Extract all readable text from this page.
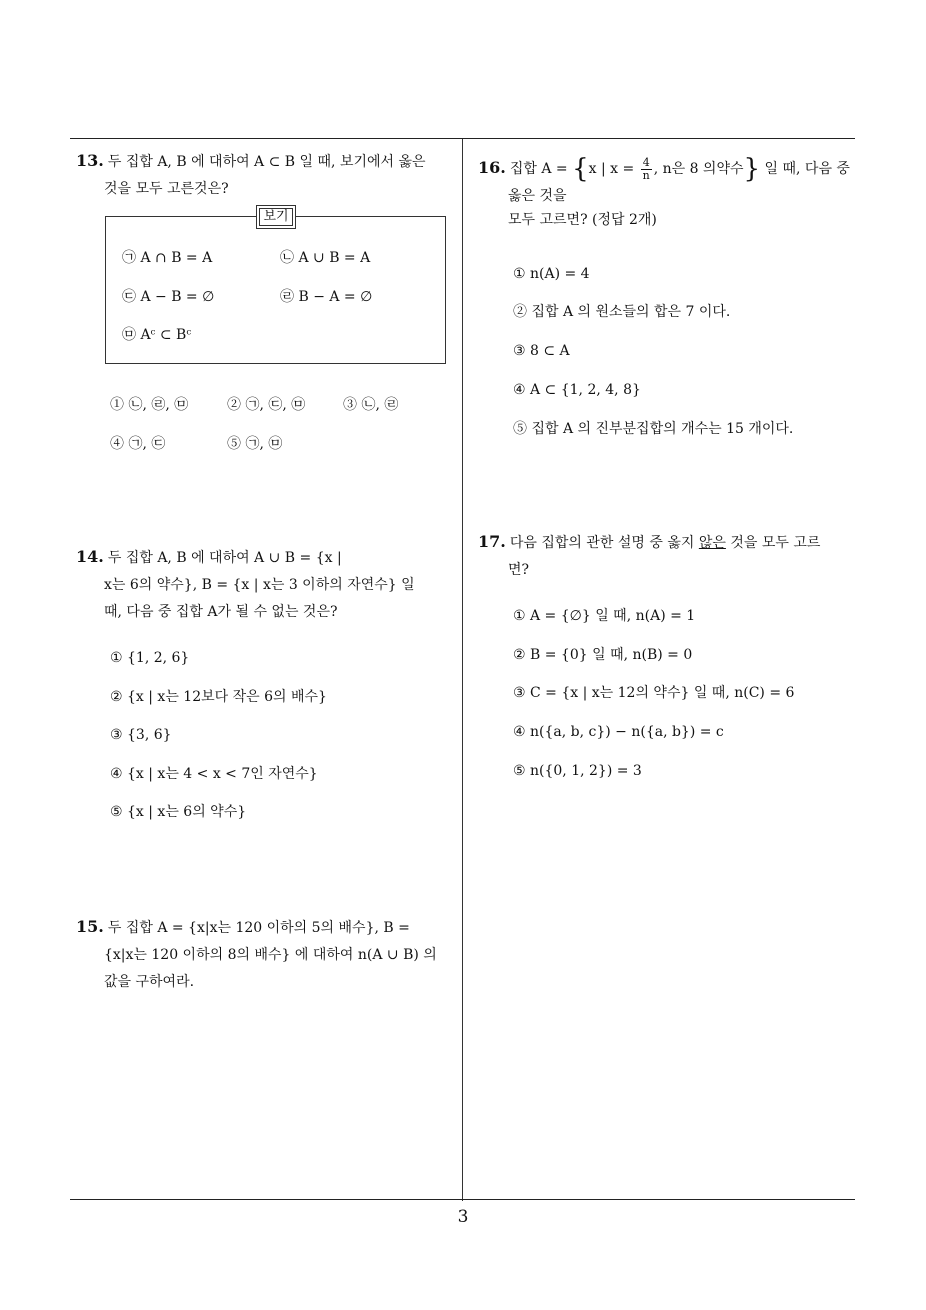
13. 두 집합 A, B 에 대하여 A ⊂ B 일 때, 보기에서 옳은
것을 모두 고른것은?
보기
㉠ A ∩ B = A	㉡ A ∪ B = A
㉢ A − B = ∅	㉣ B − A = ∅
㉤ Aᶜ ⊂ Bᶜ
① ㉡, ㉣, ㉤	② ㉠, ㉢, ㉤	③ ㉡, ㉣
④ ㉠, ㉢	⑤ ㉠, ㉤
14. 두 집합 A, B 에 대하여 A ∪ B = {x |
x는 6의 약수}, B = {x | x는 3 이하의 자연수} 일
때, 다음 중 집합 A가 될 수 없는 것은?
① {1, 2, 6}
② {x | x는 12보다 작은 6의 배수}
③ {3, 6}
④ {x | x는 4 < x < 7인 자연수}
⑤ {x | x는 6의 약수}
15. 두 집합 A = {x|x는 120 이하의 5의 배수}, B =
{x|x는 120 이하의 8의 배수} 에 대하여 n(A ∪ B) 의
값을 구하여라.
16. 집합 A = {x | $x = \frac{4}{n}$ , n은 8 의약수} 일 때, 다음 중
옳은 것을
모두 고르면? (정답 2개)
① n(A) = 4
② 집합 A 의 원소들의 합은 7 이다.
③ 8 ⊂ A
④ A ⊂ {1, 2, 4, 8}
⑤ 집합 A 의 진부분집합의 개수는 15 개이다.
17. 다음 집합의 관한 설명 중 옳지 않은 것을 모두 고르
면?
① A = {∅} 일 때, n(A) = 1
② B = {0} 일 때, n(B) = 0
③ C = {x | x는 12의 약수} 일 때, n(C) = 6
④ n({a, b, c}) − n({a, b}) = c
⑤ n({0, 1, 2}) = 3
3
